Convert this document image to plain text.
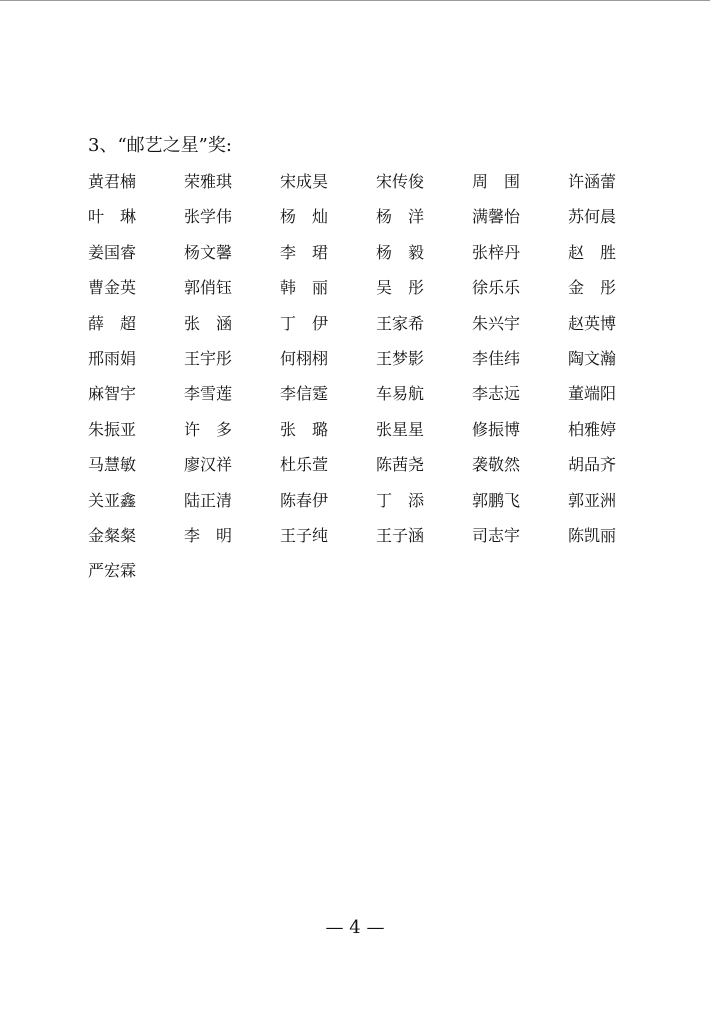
3、“邮艺之星”奖:
黄君楠	荣雅琪	宋成昊	宋传俊	周　围	许涵蕾
叶　琳	张学伟	杨　灿	杨　洋	满馨怡	苏何晨
姜国睿	杨文馨	李　珺	杨　毅	张梓丹	赵　胜
曹金英	郭俏钰	韩　丽	吴　彤	徐乐乐	金　彤
薛　超	张　涵	丁　伊	王家希	朱兴宇	赵英博
邢雨娟	王宇彤	何栩栩	王梦影	李佳纬	陶文瀚
麻智宇	李雪莲	李信霆	车易航	李志远	董端阳
朱振亚	许　多	张　璐	张星星	修振博	柏雅婷
马慧敏	廖汉祥	杜乐萱	陈茜尧	袭敬然	胡品齐
关亚鑫	陆正清	陈春伊	丁　添	郭鹏飞	郭亚洲
金粲粲	李　明	王子纯	王子涵	司志宇	陈凯丽
严宏霖
— 4 —
